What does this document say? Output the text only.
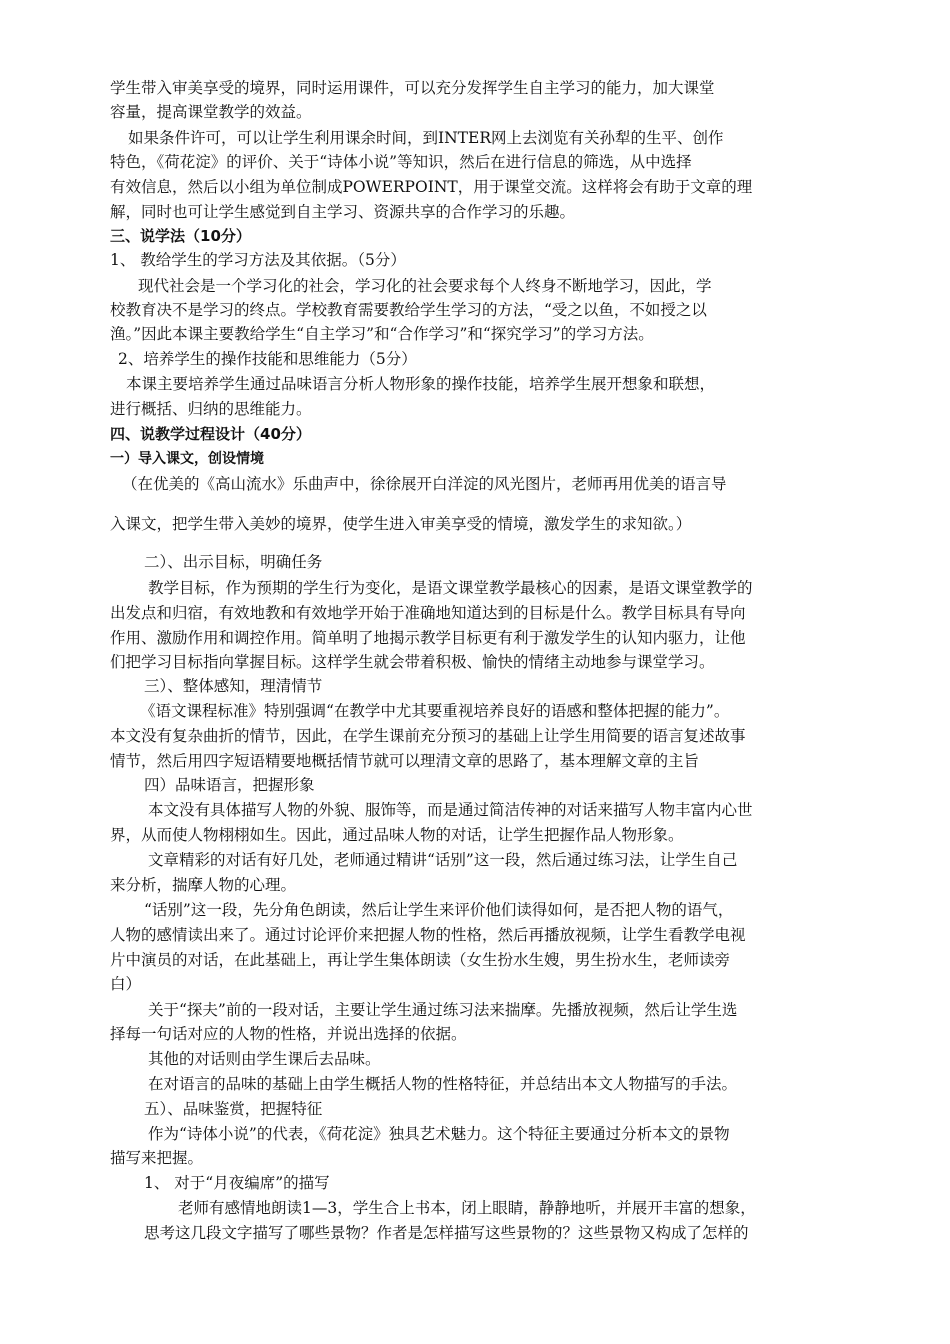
学生带入审美享受的境界，同时运用课件，可以充分发挥学生自主学习的能力，加大课堂
容量，提高课堂教学的效益。
如果条件许可，可以让学生利用课余时间，到INTER网上去浏览有关孙犁的生平、创作
特色，《荷花淀》的评价、关于“诗体小说”等知识，然后在进行信息的筛选，从中选择
有效信息，然后以小组为单位制成POWERPOINT，用于课堂交流。这样将会有助于文章的理
解，同时也可让学生感觉到自主学习、资源共享的合作学习的乐趣。
三、说学法（10分）
1、 教给学生的学习方法及其依据。（5分）
现代社会是一个学习化的社会，学习化的社会要求每个人终身不断地学习，因此，学
校教育决不是学习的终点。学校教育需要教给学生学习的方法，“受之以鱼，不如授之以
渔。”因此本课主要教给学生“自主学习”和“合作学习”和“探究学习”的学习方法。
2、培养学生的操作技能和思维能力（5分）
本课主要培养学生通过品味语言分析人物形象的操作技能，培养学生展开想象和联想，
进行概括、归纳的思维能力。
四、说教学过程设计（40分）
一）导入课文，创设情境
（在优美的《高山流水》乐曲声中，徐徐展开白洋淀的风光图片，老师再用优美的语言导
入课文，把学生带入美妙的境界，使学生进入审美享受的情境，激发学生的求知欲。）
二）、出示目标，明确任务
教学目标，作为预期的学生行为变化，是语文课堂教学最核心的因素，是语文课堂教学的
出发点和归宿，有效地教和有效地学开始于准确地知道达到的目标是什么。教学目标具有导向
作用、激励作用和调控作用。简单明了地揭示教学目标更有利于激发学生的认知内驱力，让他
们把学习目标指向掌握目标。这样学生就会带着积极、愉快的情绪主动地参与课堂学习。
三）、整体感知，理清情节
《语文课程标准》特别强调“在教学中尤其要重视培养良好的语感和整体把握的能力”。
本文没有复杂曲折的情节，因此，在学生课前充分预习的基础上让学生用简要的语言复述故事
情节，然后用四字短语精要地概括情节就可以理清文章的思路了，基本理解文章的主旨
四）品味语言，把握形象
本文没有具体描写人物的外貌、服饰等，而是通过简洁传神的对话来描写人物丰富内心世
界，从而使人物栩栩如生。因此，通过品味人物的对话，让学生把握作品人物形象。
文章精彩的对话有好几处，老师通过精讲“话别”这一段，然后通过练习法，让学生自己
来分析，揣摩人物的心理。
“话别”这一段，先分角色朗读，然后让学生来评价他们读得如何，是否把人物的语气，
人物的感情读出来了。通过讨论评价来把握人物的性格，然后再播放视频，让学生看教学电视
片中演员的对话，在此基础上，再让学生集体朗读（女生扮水生嫂，男生扮水生，老师读旁
白）
关于“探夫”前的一段对话，主要让学生通过练习法来揣摩。先播放视频，然后让学生选
择每一句话对应的人物的性格，并说出选择的依据。
其他的对话则由学生课后去品味。
在对语言的品味的基础上由学生概括人物的性格特征，并总结出本文人物描写的手法。
五）、品味鉴赏，把握特征
作为“诗体小说”的代表，《荷花淀》独具艺术魅力。这个特征主要通过分析本文的景物
描写来把握。
1、 对于“月夜编席”的描写
老师有感情地朗读1—3，学生合上书本，闭上眼睛，静静地听，并展开丰富的想象，
思考这几段文字描写了哪些景物？作者是怎样描写这些景物的？这些景物又构成了怎样的
